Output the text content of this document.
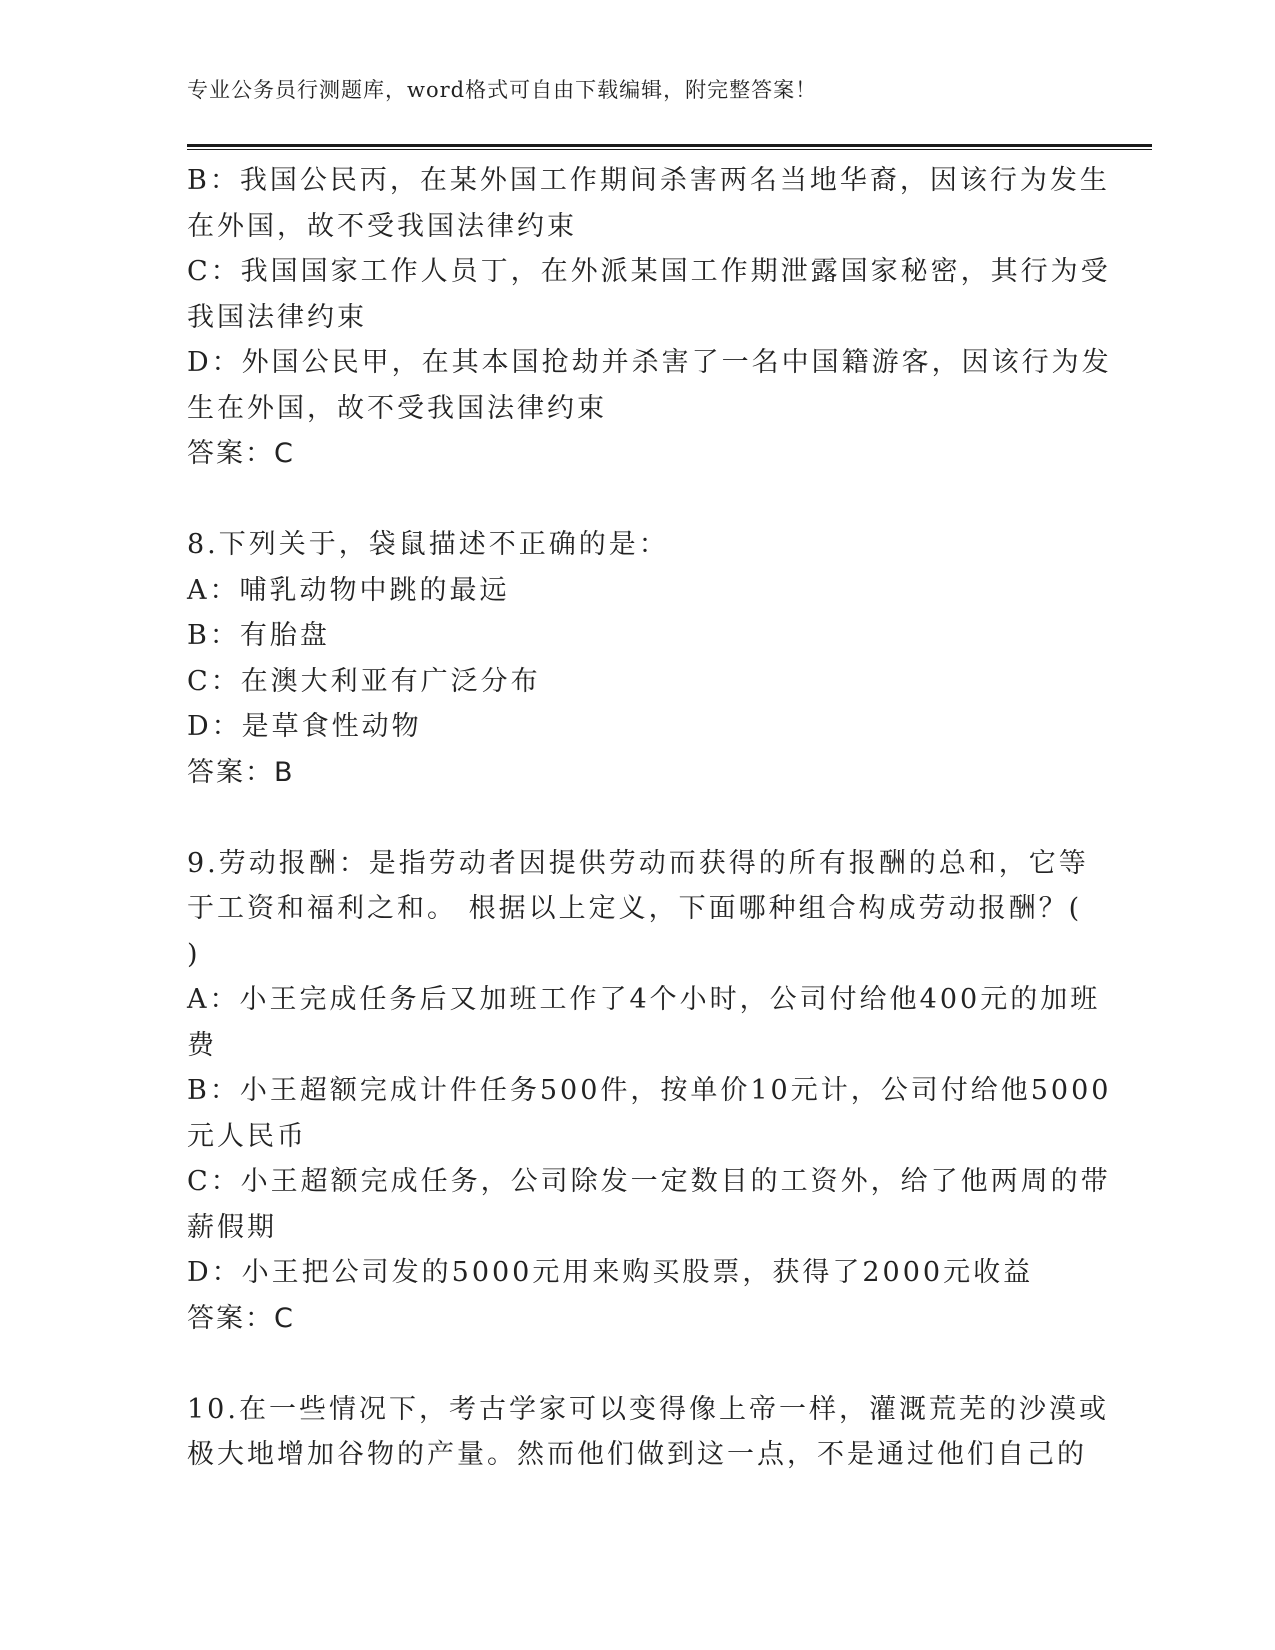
专业公务员行测题库，word格式可自由下载编辑，附完整答案！
B：我国公民丙，在某外国工作期间杀害两名当地华裔，因该行为发生
在外国，故不受我国法律约束
C：我国国家工作人员丁，在外派某国工作期泄露国家秘密，其行为受
我国法律约束
D：外国公民甲，在其本国抢劫并杀害了一名中国籍游客，因该行为发
生在外国，故不受我国法律约束
答案：C
8.下列关于，袋鼠描述不正确的是：
A：哺乳动物中跳的最远
B：有胎盘
C：在澳大利亚有广泛分布
D：是草食性动物
答案：B
9.劳动报酬：是指劳动者因提供劳动而获得的所有报酬的总和，它等
于工资和福利之和。 根据以上定义，下面哪种组合构成劳动报酬？(
)
A：小王完成任务后又加班工作了4个小时，公司付给他400元的加班
费
B：小王超额完成计件任务500件，按单价10元计，公司付给他5000
元人民币
C：小王超额完成任务，公司除发一定数目的工资外，给了他两周的带
薪假期
D：小王把公司发的5000元用来购买股票，获得了2000元收益
答案：C
10.在一些情况下，考古学家可以变得像上帝一样，灌溉荒芜的沙漠或
极大地增加谷物的产量。然而他们做到这一点，不是通过他们自己的
